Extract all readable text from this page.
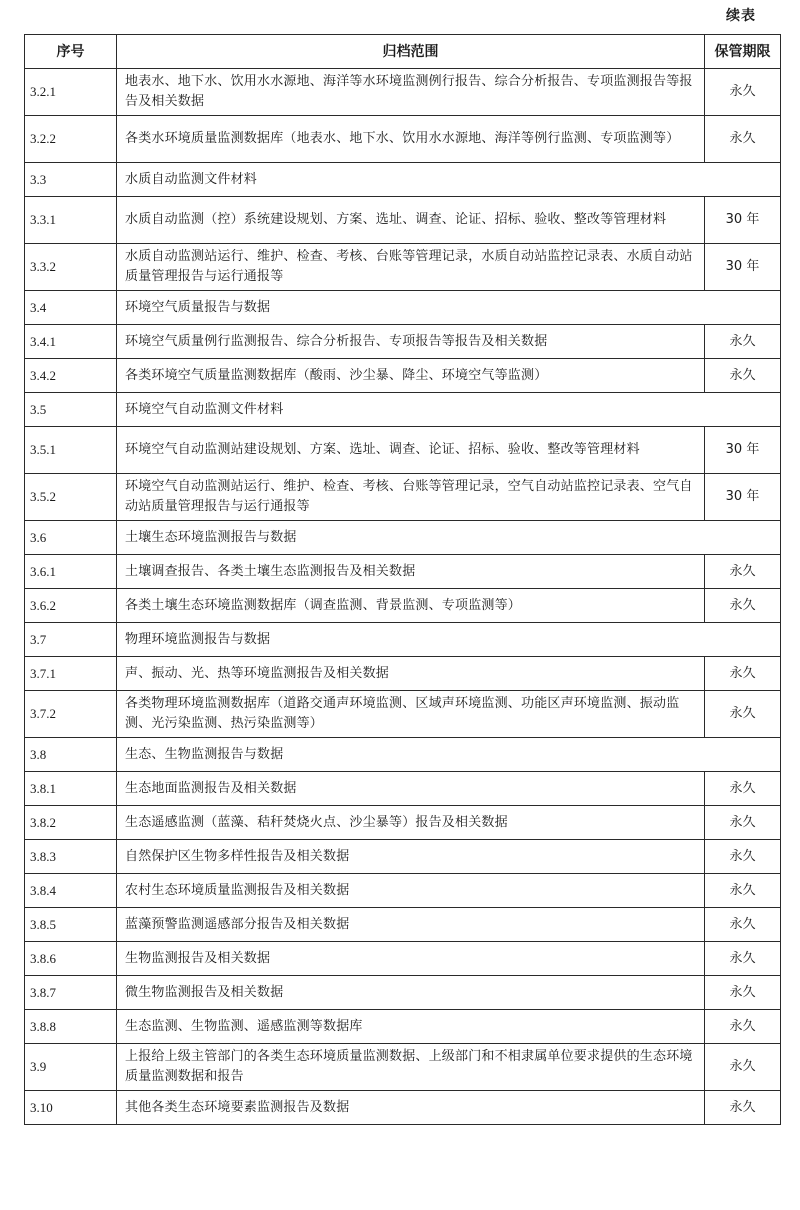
续表
序号	归档范围	保管期限
3.2.1	地表水、地下水、饮用水水源地、海洋等水环境监测例行报告、综合分析报告、专项监测报告等报告及相关数据	永久
3.2.2	各类水环境质量监测数据库（地表水、地下水、饮用水水源地、海洋等例行监测、专项监测等）	永久
3.3	水质自动监测文件材料	
3.3.1	水质自动监测（控）系统建设规划、方案、选址、调查、论证、招标、验收、整改等管理材料	30 年
3.3.2	水质自动监测站运行、维护、检查、考核、台账等管理记录，水质自动站监控记录表、水质自动站质量管理报告与运行通报等	30 年
3.4	环境空气质量报告与数据	
3.4.1	环境空气质量例行监测报告、综合分析报告、专项报告等报告及相关数据	永久
3.4.2	各类环境空气质量监测数据库（酸雨、沙尘暴、降尘、环境空气等监测）	永久
3.5	环境空气自动监测文件材料	
3.5.1	环境空气自动监测站建设规划、方案、选址、调查、论证、招标、验收、整改等管理材料	30 年
3.5.2	环境空气自动监测站运行、维护、检查、考核、台账等管理记录，空气自动站监控记录表、空气自动站质量管理报告与运行通报等	30 年
3.6	土壤生态环境监测报告与数据	
3.6.1	土壤调查报告、各类土壤生态监测报告及相关数据	永久
3.6.2	各类土壤生态环境监测数据库（调查监测、背景监测、专项监测等）	永久
3.7	物理环境监测报告与数据	
3.7.1	声、振动、光、热等环境监测报告及相关数据	永久
3.7.2	各类物理环境监测数据库（道路交通声环境监测、区域声环境监测、功能区声环境监测、振动监测、光污染监测、热污染监测等）	永久
3.8	生态、生物监测报告与数据	
3.8.1	生态地面监测报告及相关数据	永久
3.8.2	生态遥感监测（蓝藻、秸秆焚烧火点、沙尘暴等）报告及相关数据	永久
3.8.3	自然保护区生物多样性报告及相关数据	永久
3.8.4	农村生态环境质量监测报告及相关数据	永久
3.8.5	蓝藻预警监测遥感部分报告及相关数据	永久
3.8.6	生物监测报告及相关数据	永久
3.8.7	微生物监测报告及相关数据	永久
3.8.8	生态监测、生物监测、遥感监测等数据库	永久
3.9	上报给上级主管部门的各类生态环境质量监测数据、上级部门和不相隶属单位要求提供的生态环境质量监测数据和报告	永久
3.10	其他各类生态环境要素监测报告及数据	永久
